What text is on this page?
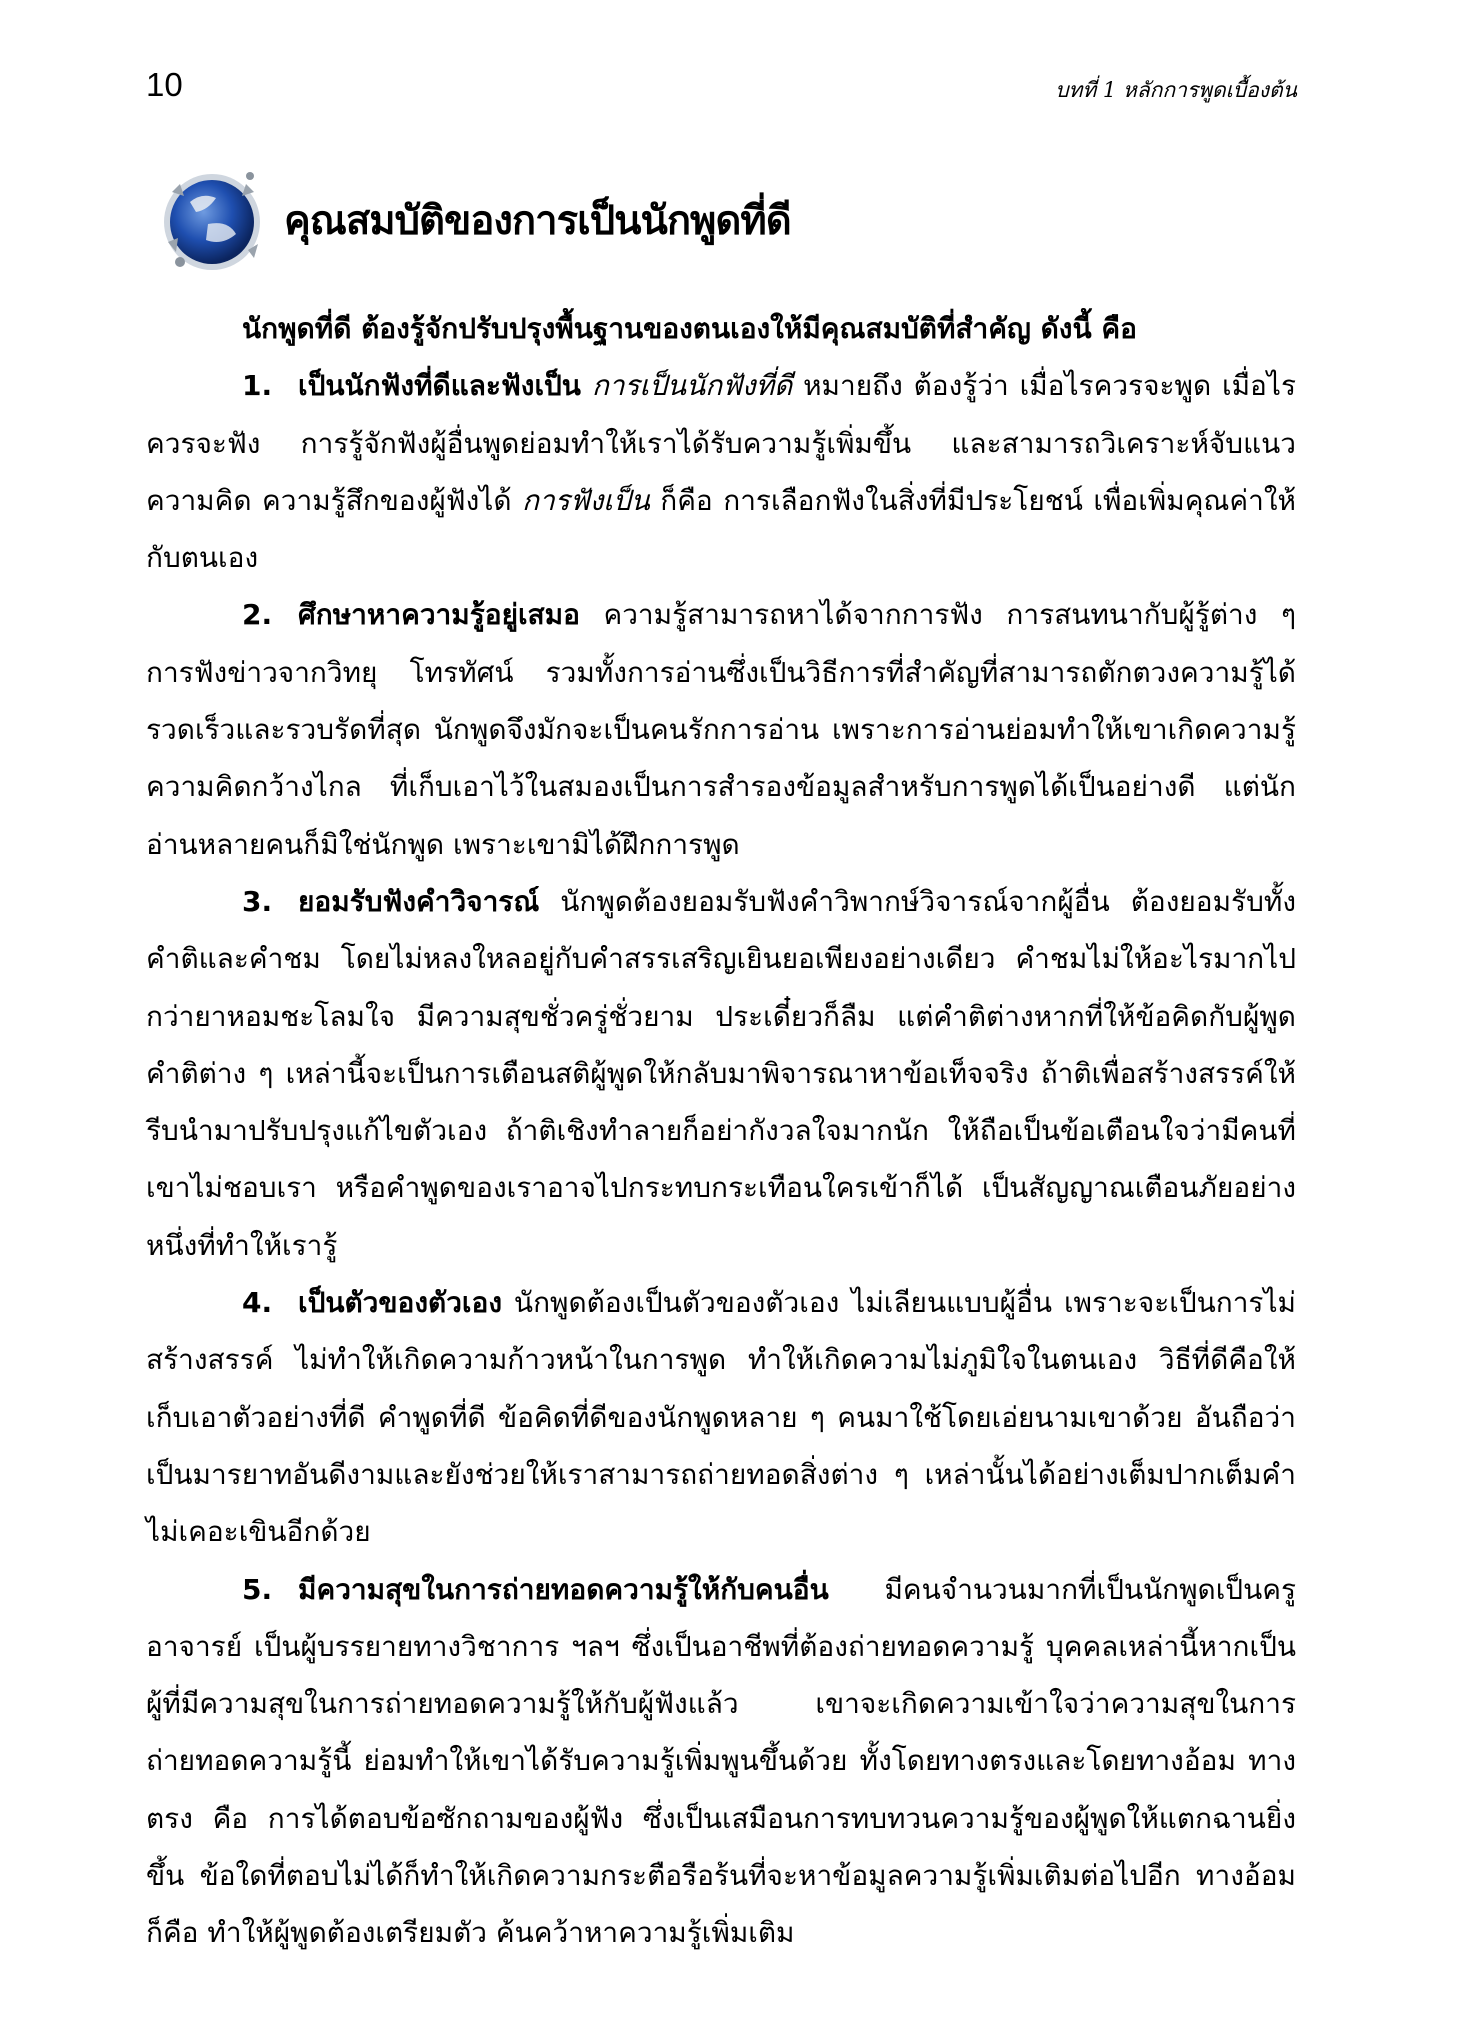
10	บทที่ 1 หลักการพูดเบื้องต้น
คุณสมบัติของการเป็นนักพูดที่ดี

นักพูดที่ดี ต้องรู้จักปรับปรุงพื้นฐานของตนเองให้มีคุณสมบัติที่สำคัญ ดังนี้ คือ

1. เป็นนักฟังที่ดีและฟังเป็น การเป็นนักฟังที่ดี หมายถึง ต้องรู้ว่า เมื่อไรควรจะพูด เมื่อไรควรจะฟัง การรู้จักฟังผู้อื่นพูดย่อมทำให้เราได้รับความรู้เพิ่มขึ้น และสามารถวิเคราะห์จับแนวความคิด ความรู้สึกของผู้ฟังได้ การฟังเป็น ก็คือ การเลือกฟังในสิ่งที่มีประโยชน์ เพื่อเพิ่มคุณค่าให้กับตนเอง

2. ศึกษาหาความรู้อยู่เสมอ ความรู้สามารถหาได้จากการฟัง การสนทนากับผู้รู้ต่าง ๆ การฟังข่าวจากวิทยุ โทรทัศน์ รวมทั้งการอ่านซึ่งเป็นวิธีการที่สำคัญที่สามารถตักตวงความรู้ได้รวดเร็วและรวบรัดที่สุด นักพูดจึงมักจะเป็นคนรักการอ่าน เพราะการอ่านย่อมทำให้เขาเกิดความรู้ความคิดกว้างไกล ที่เก็บเอาไว้ในสมองเป็นการสำรองข้อมูลสำหรับการพูดได้เป็นอย่างดี แต่นักอ่านหลายคนก็มิใช่นักพูด เพราะเขามิได้ฝึกการพูด

3. ยอมรับฟังคำวิจารณ์ นักพูดต้องยอมรับฟังคำวิพากษ์วิจารณ์จากผู้อื่น ต้องยอมรับทั้งคำติและคำชม โดยไม่หลงใหลอยู่กับคำสรรเสริญเยินยอเพียงอย่างเดียว คำชมไม่ให้อะไรมากไปกว่ายาหอมชะโลมใจ มีความสุขชั่วครู่ชั่วยาม ประเดี๋ยวก็ลืม แต่คำติต่างหากที่ให้ข้อคิดกับผู้พูด คำติต่าง ๆ เหล่านี้จะเป็นการเตือนสติผู้พูดให้กลับมาพิจารณาหาข้อเท็จจริง ถ้าติเพื่อสร้างสรรค์ให้รีบนำมาปรับปรุงแก้ไขตัวเอง ถ้าติเชิงทำลายก็อย่ากังวลใจมากนัก ให้ถือเป็นข้อเตือนใจว่ามีคนที่เขาไม่ชอบเรา หรือคำพูดของเราอาจไปกระทบกระเทือนใครเข้าก็ได้ เป็นสัญญาณเตือนภัยอย่างหนึ่งที่ทำให้เรารู้

4. เป็นตัวของตัวเอง นักพูดต้องเป็นตัวของตัวเอง ไม่เลียนแบบผู้อื่น เพราะจะเป็นการไม่สร้างสรรค์ ไม่ทำให้เกิดความก้าวหน้าในการพูด ทำให้เกิดความไม่ภูมิใจในตนเอง วิธีที่ดีคือให้เก็บเอาตัวอย่างที่ดี คำพูดที่ดี ข้อคิดที่ดีของนักพูดหลาย ๆ คนมาใช้โดยเอ่ยนามเขาด้วย อันถือว่าเป็นมารยาทอันดีงามและยังช่วยให้เราสามารถถ่ายทอดสิ่งต่าง ๆ เหล่านั้นได้อย่างเต็มปากเต็มคำ ไม่เคอะเขินอีกด้วย

5. มีความสุขในการถ่ายทอดความรู้ให้กับคนอื่น มีคนจำนวนมากที่เป็นนักพูดเป็นครู อาจารย์ เป็นผู้บรรยายทางวิชาการ ฯลฯ ซึ่งเป็นอาชีพที่ต้องถ่ายทอดความรู้ บุคคลเหล่านี้หากเป็นผู้ที่มีความสุขในการถ่ายทอดความรู้ให้กับผู้ฟังแล้ว เขาจะเกิดความเข้าใจว่าความสุขในการถ่ายทอดความรู้นี้ ย่อมทำให้เขาได้รับความรู้เพิ่มพูนขึ้นด้วย ทั้งโดยทางตรงและโดยทางอ้อม ทางตรง คือ การได้ตอบข้อซักถามของผู้ฟัง ซึ่งเป็นเสมือนการทบทวนความรู้ของผู้พูดให้แตกฉานยิ่งขึ้น ข้อใดที่ตอบไม่ได้ก็ทำให้เกิดความกระตือรือร้นที่จะหาข้อมูลความรู้เพิ่มเติมต่อไปอีก ทางอ้อมก็คือ ทำให้ผู้พูดต้องเตรียมตัว ค้นคว้าหาความรู้เพิ่มเติม
